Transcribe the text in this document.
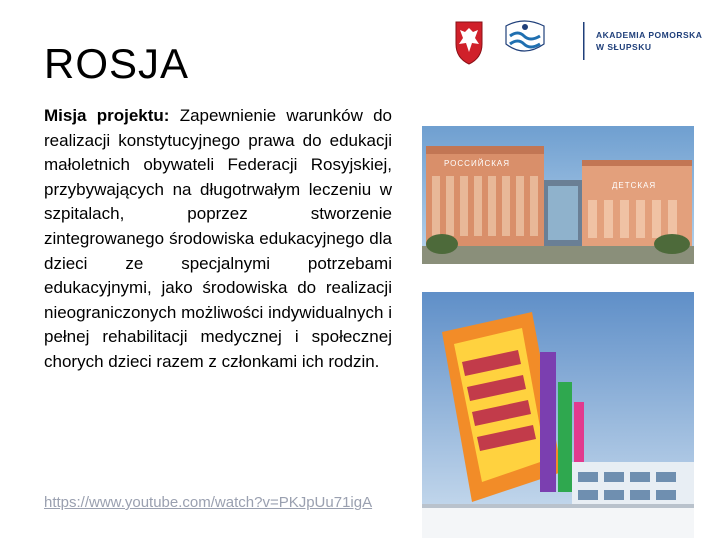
AKADEMIA POMORSKA
W SŁUPSKU
ROSJA
Misja projektu: Zapewnienie warunków do realizacji konstytucyjnego prawa do edukacji małoletnich obywateli Federacji Rosyjskiej, przybywających na długotrwałym leczeniu w szpitalach, poprzez stworzenie zintegrowanego środowiska edukacyjnego dla dzieci ze specjalnymi potrzebami edukacyjnymi, jako środowiska do realizacji nieograniczonych możliwości indywidualnych i pełnej rehabilitacji medycznej i społecznej chorych dzieci razem z członkami ich rodzin.
https://www.youtube.com/watch?v=PKJpUu71igA
РОССИЙСКАЯ
ДЕТСКАЯ
